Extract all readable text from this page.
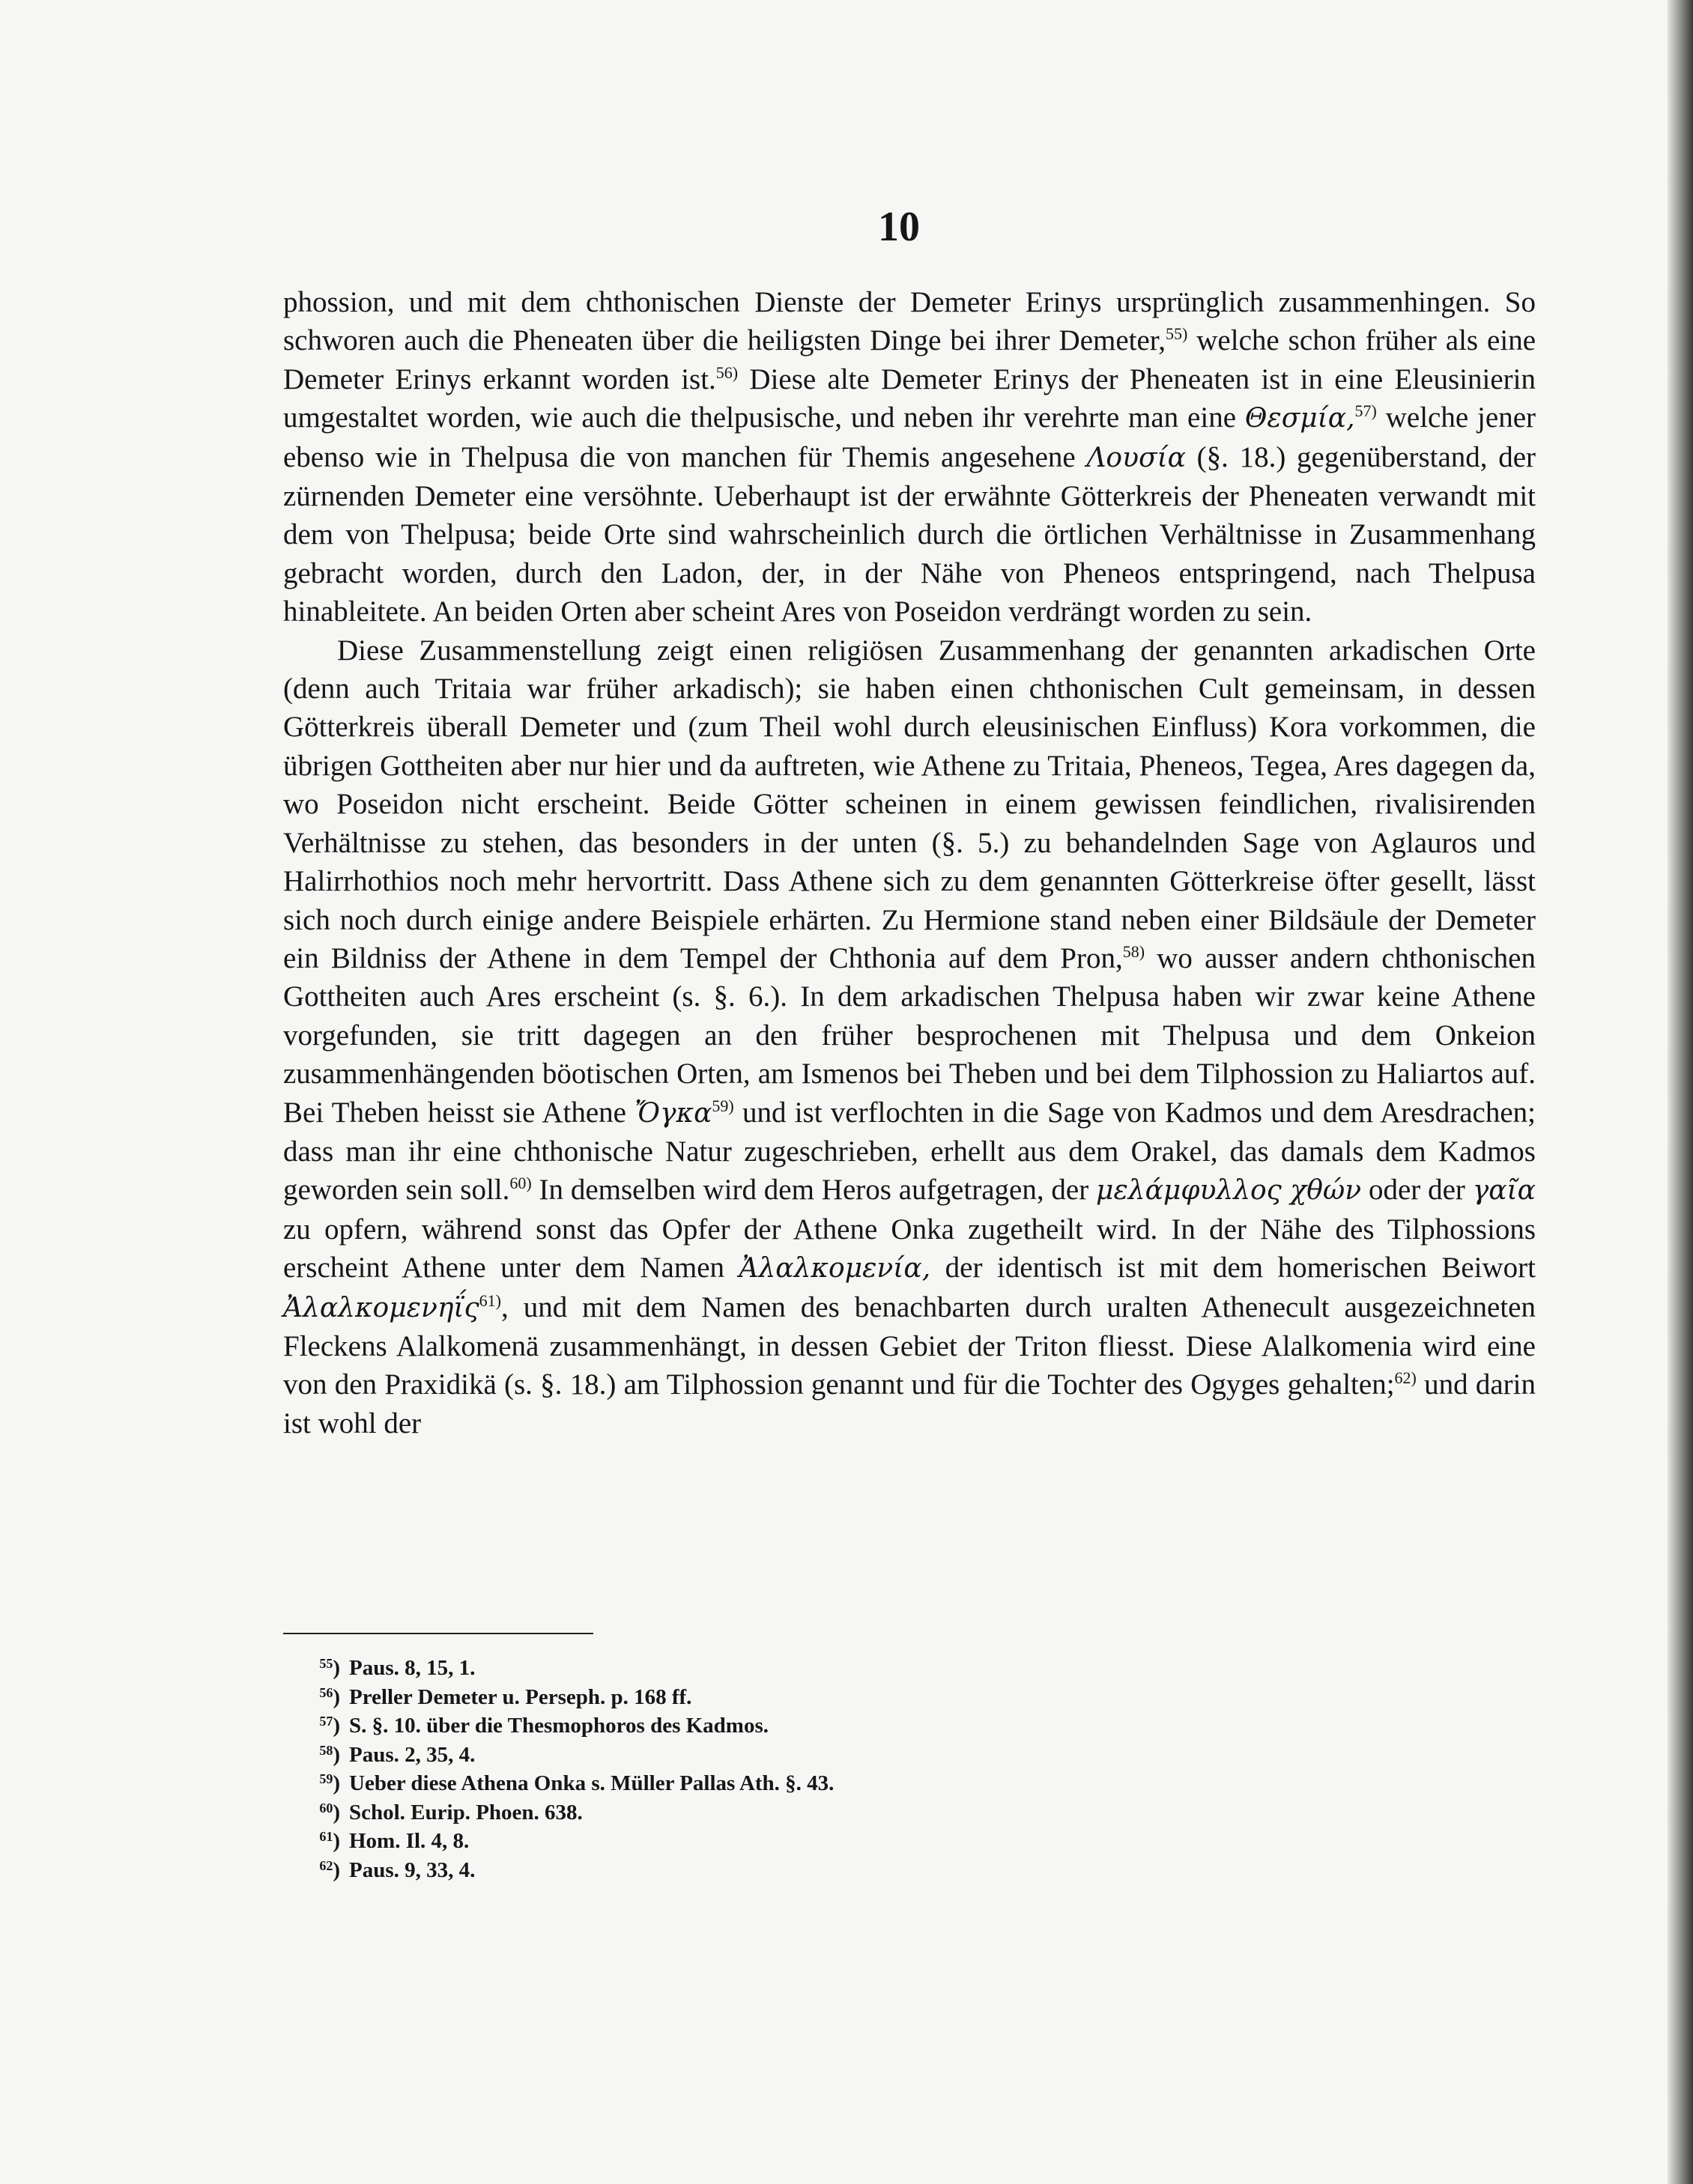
10

phossion, und mit dem chthonischen Dienste der Demeter Erinys ursprünglich zusammenhingen. So schworen auch die Pheneaten über die heiligsten Dinge bei ihrer Demeter,$^{55)}$ welche schon früher als eine Demeter Erinys erkannt worden ist.$^{56)}$ Diese alte Demeter Erinys der Pheneaten ist in eine Eleusinierin umgestaltet worden, wie auch die thelpusische, und neben ihr verehrte man eine Θεσμία,$^{57)}$ welche jener ebenso wie in Thelpusa die von manchen für Themis angesehene Λουσία (§. 18.) gegenüberstand, der zürnenden Demeter eine versöhnte. Ueberhaupt ist der erwähnte Götterkreis der Pheneaten verwandt mit dem von Thelpusa; beide Orte sind wahrscheinlich durch die örtlichen Verhältnisse in Zusammenhang gebracht worden, durch den Ladon, der, in der Nähe von Pheneos entspringend, nach Thelpusa hinableitete. An beiden Orten aber scheint Ares von Poseidon verdrängt worden zu sein.

Diese Zusammenstellung zeigt einen religiösen Zusammenhang der genannten arkadischen Orte (denn auch Tritaia war früher arkadisch); sie haben einen chthonischen Cult gemeinsam, in dessen Götterkreis überall Demeter und (zum Theil wohl durch eleusinischen Einfluss) Kora vorkommen, die übrigen Gottheiten aber nur hier und da auftreten, wie Athene zu Tritaia, Pheneos, Tegea, Ares dagegen da, wo Poseidon nicht erscheint. Beide Götter scheinen in einem gewissen feindlichen, rivalisirenden Verhältnisse zu stehen, das besonders in der unten (§. 5.) zu behandelnden Sage von Aglauros und Halirrhothios noch mehr hervortritt. Dass Athene sich zu dem genannten Götterkreise öfter gesellt, lässt sich noch durch einige andere Beispiele erhärten. Zu Hermione stand neben einer Bildsäule der Demeter ein Bildniss der Athene in dem Tempel der Chthonia auf dem Pron,$^{58)}$ wo ausser andern chthonischen Gottheiten auch Ares erscheint (s. §. 6.). In dem arkadischen Thelpusa haben wir zwar keine Athene vorgefunden, sie tritt dagegen an den früher besprochenen mit Thelpusa und dem Onkeion zusammenhängenden böotischen Orten, am Ismenos bei Theben und bei dem Tilphossion zu Haliartos auf. Bei Theben heisst sie Athene Ὄγκα$^{59)}$ und ist verflochten in die Sage von Kadmos und dem Aresdrachen; dass man ihr eine chthonische Natur zugeschrieben, erhellt aus dem Orakel, das damals dem Kadmos geworden sein soll.$^{60)}$ In demselben wird dem Heros aufgetragen, der μελάμφυλλος χθών oder der γαῖα zu opfern, während sonst das Opfer der Athene Onka zugetheilt wird. In der Nähe des Tilphossions erscheint Athene unter dem Namen Ἀλαλκομενία, der identisch ist mit dem homerischen Beiwort Ἀλαλκομενηΐς$^{61)}$, und mit dem Namen des benachbarten durch uralten Athenecult ausgezeichneten Fleckens Alalkomenä zusammenhängt, in dessen Gebiet der Triton fliesst. Diese Alalkomenia wird eine von den Praxidikä (s. §. 18.) am Tilphossion genannt und für die Tochter des Ogyges gehalten;$^{62)}$ und darin ist wohl der

$^{55}$) Paus. 8, 15, 1.
$^{56}$) Preller Demeter u. Perseph. p. 168 ff.
$^{57}$) S. §. 10. über die Thesmophoros des Kadmos.
$^{58}$) Paus. 2, 35, 4.
$^{59}$) Ueber diese Athena Onka s. Müller Pallas Ath. §. 43.
$^{60}$) Schol. Eurip. Phoen. 638.
$^{61}$) Hom. Il. 4, 8.
$^{62}$) Paus. 9, 33, 4.
